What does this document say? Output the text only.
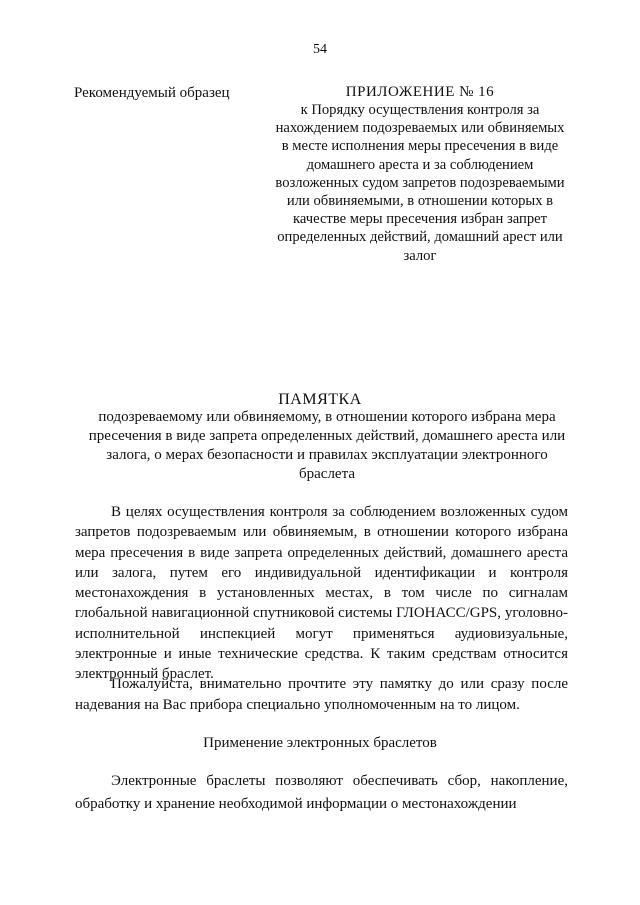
54
Рекомендуемый образец	ПРИЛОЖЕНИЕ № 16
к Порядку осуществления контроля за нахождением подозреваемых или обвиняемых в месте исполнения меры пресечения в виде домашнего ареста и за соблюдением возложенных судом запретов подозреваемыми или обвиняемыми, в отношении которых в качестве меры пресечения избран запрет определенных действий, домашний арест или залог
ПАМЯТКА
подозреваемому или обвиняемому, в отношении которого избрана мера пресечения в виде запрета определенных действий, домашнего ареста или залога, о мерах безопасности и правилах эксплуатации электронного браслета

В целях осуществления контроля за соблюдением возложенных судом запретов подозреваемым или обвиняемым, в отношении которого избрана мера пресечения в виде запрета определенных действий, домашнего ареста или залога, путем его индивидуальной идентификации и контроля местонахождения в установленных местах, в том числе по сигналам глобальной навигационной спутниковой системы ГЛОНАСС/GPS, уголовно-исполнительной инспекцией могут применяться аудиовизуальные, электронные и иные технические средства. К таким средствам относится электронный браслет.

Пожалуйста, внимательно прочтите эту памятку до или сразу после надевания на Вас прибора специально уполномоченным на то лицом.

Применение электронных браслетов

Электронные браслеты позволяют обеспечивать сбор, накопление, обработку и хранение необходимой информации о местонахождении
